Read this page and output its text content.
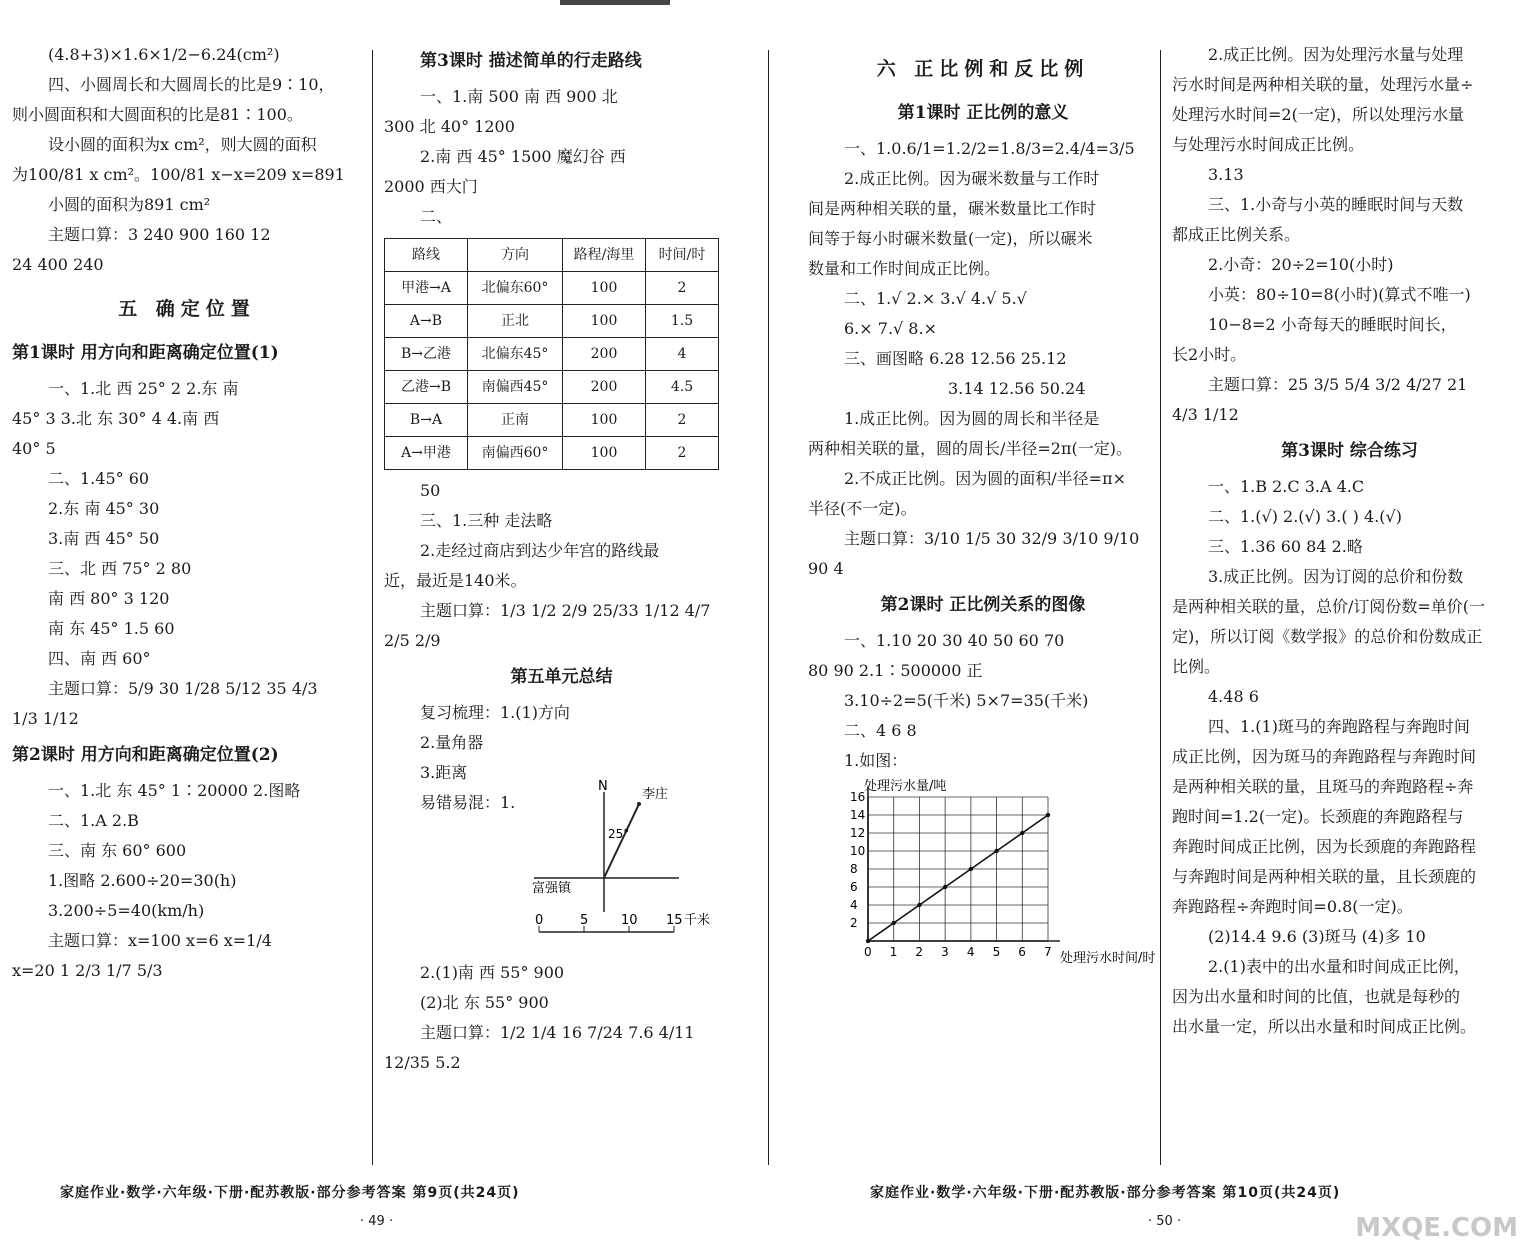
(4.8+3)×1.6×1/2−6.24(cm²)
四、小圆周长和大圆周长的比是9∶10，
则小圆面积和大圆面积的比是81∶100。
设小圆的面积为x cm²，则大圆的面积
为100/81 x cm²。100/81 x−x=209 x=891
小圆的面积为891 cm²
主题口算：3 240 900 160 12
24 400 240
五 确定位置
第1课时 用方向和距离确定位置(1)
一、1.北 西 25° 2 2.东 南
45° 3 3.北 东 30° 4 4.南 西
40° 5
二、1.45° 60
2.东 南 45° 30
3.南 西 45° 50
三、北 西 75° 2 80
南 西 80° 3 120
南 东 45° 1.5 60
四、南 西 60°
主题口算：5/9 30 1/28 5/12 35 4/3
1/3 1/12
第2课时 用方向和距离确定位置(2)
一、1.北 东 45° 1∶20000 2.图略
二、1.A 2.B
三、南 东 60° 600
1.图略 2.600÷20=30(h)
3.200÷5=40(km/h)
主题口算：x=100 x=6 x=1/4
x=20 1 2/3 1/7 5/3
第3课时 描述简单的行走路线
一、1.南 500 南 西 900 北
300 北 40° 1200
2.南 西 45° 1500 魔幻谷 西
2000 西大门
二、
路线	方向	路程/海里	时间/时
甲港→A	北偏东60°	100	2
A→B	正北	100	1.5
B→乙港	北偏东45°	200	4
乙港→B	南偏西45°	200	4.5
B→A	正南	100	2
A→甲港	南偏西60°	100	2
50
三、1.三种 走法略
2.走经过商店到达少年宫的路线最
近，最近是140米。
主题口算：1/3 1/2 2/9 25/33 1/12 4/7
2/5 2/9
第五单元总结
复习梳理：1.(1)方向
2.量角器
3.距离
易错易混：1.
N
李庄
25°
富强镇
0	5	10 15 千米
2.(1)南 西 55° 900
(2)北 东 55° 900
主题口算：1/2 1/4 16 7/24 7.6 4/11
12/35 5.2
六 正比例和反比例
第1课时 正比例的意义
一、1.0.6/1=1.2/2=1.8/3=2.4/4=3/5
2.成正比例。因为碾米数量与工作时
间是两种相关联的量，碾米数量比工作时
间等于每小时碾米数量(一定)，所以碾米
数量和工作时间成正比例。
二、1.√ 2.× 3.√ 4.√ 5.√
6.× 7.√ 8.×
三、画图略 6.28 12.56 25.12
3.14 12.56 50.24
1.成正比例。因为圆的周长和半径是
两种相关联的量，圆的周长/半径=2π(一定)。
2.不成正比例。因为圆的面积/半径=π×
半径(不一定)。
主题口算：3/10 1/5 30 32/9 3/10 9/10
90 4
第2课时 正比例关系的图像
一、1.10 20 30 40 50 60 70
80 90 2.1∶500000 正
3.10÷2=5(千米) 5×7=35(千米)
二、4 6 8
1.如图：
处理污水量/吨
0 1 2 3 4 5 6 7
2
4
6
8
10
12
14
16
处理污水时间/时
2.成正比例。因为处理污水量与处理
污水时间是两种相关联的量，处理污水量÷
处理污水时间=2(一定)，所以处理污水量
与处理污水时间成正比例。
3.13
三、1.小奇与小英的睡眠时间与天数
都成正比例关系。
2.小奇：20÷2=10(小时)
小英：80÷10=8(小时)(算式不唯一)
10−8=2 小奇每天的睡眠时间长，
长2小时。
主题口算：25 3/5 5/4 3/2 4/27 21
4/3 1/12
第3课时 综合练习
一、1.B 2.C 3.A 4.C
二、1.(√) 2.(√) 3.( ) 4.(√)
三、1.36 60 84 2.略
3.成正比例。因为订阅的总价和份数
是两种相关联的量，总价/订阅份数=单价(一
定)，所以订阅《数学报》的总价和份数成正
比例。
4.48 6
四、1.(1)斑马的奔跑路程与奔跑时间
成正比例，因为斑马的奔跑路程与奔跑时间
是两种相关联的量，且斑马的奔跑路程÷奔
跑时间=1.2(一定)。长颈鹿的奔跑路程与
奔跑时间成正比例，因为长颈鹿的奔跑路程
与奔跑时间是两种相关联的量，且长颈鹿的
奔跑路程÷奔跑时间=0.8(一定)。
(2)14.4 9.6 (3)斑马 (4)多 10
2.(1)表中的出水量和时间成正比例，
因为出水量和时间的比值，也就是每秒的
出水量一定，所以出水量和时间成正比例。
家庭作业·数学·六年级·下册·配苏教版·部分参考答案 第9页(共24页)	家庭作业·数学·六年级·下册·配苏教版·部分参考答案 第10页(共24页)
· 49 ·	· 50 ·	MXQE.COM
